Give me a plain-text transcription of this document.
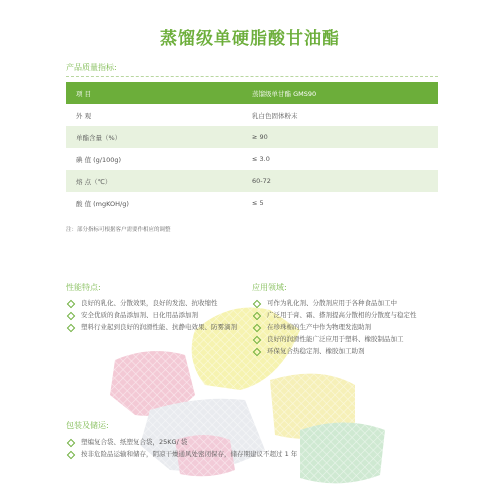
蒸馏级单硬脂酸甘油酯
产品质量指标:
项 目	蒸馏级单甘酯 GMS90
外 观	乳白色固体粉末
单酯含量（%）	≥ 90
碘 值 (g/100g)	≤ 3.0
熔 点（℃）	60-72
酸 值 (mgKOH/g)	≤ 5
注：部分指标可根据客户需要作相应的调整
性能特点:
良好的乳化、分散效果，良好的发泡、抗收缩性
安全优质的食品添加剂、日化用品添加剂
塑料行业起到良好的润滑性能、抗静电效果、防雾滴剂
应用领域:
可作为乳化剂、分散剂应用于各种食品加工中
广泛用于膏、霜、搽剂提高分散相的分散度与稳定性
在珍珠棉的生产中作为物理发泡助剂
良好的润滑性能广泛应用于塑料、橡胶制品加工
环保复合热稳定剂、橡胶加工助剂
包装及储运:
塑编复合袋、纸塑复合袋，25KG/ 袋
按非危险品运输和储存，阴凉干燥通风处密闭保存，储存期建议不超过 1 年
